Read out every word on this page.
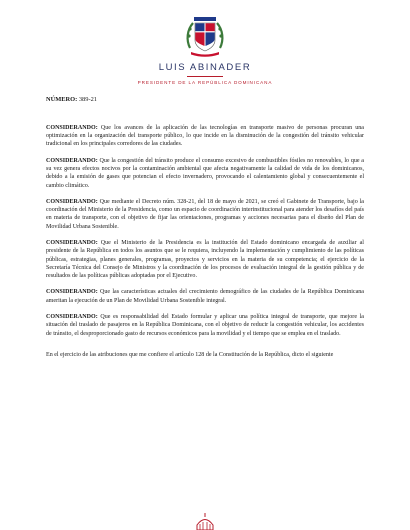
LUIS ABINADER
PRESIDENTE DE LA REPÚBLICA DOMINICANA
NÚMERO: 389-21

CONSIDERANDO: Que los avances de la aplicación de las tecnologías en transporte masivo de personas procuran una optimización en la organización del transporte público, lo que incide en la disminución de la congestión del tránsito vehicular tradicional en los principales corredores de las ciudades.

CONSIDERANDO: Que la congestión del tránsito produce el consumo excesivo de combustibles fósiles no renovables, lo que a su vez genera efectos nocivos por la contaminación ambiental que afecta negativamente la calidad de vida de los dominicanos, debido a la emisión de gases que potencian el efecto invernadero, provocando el calentamiento global y consecuentemente el cambio climático.

CONSIDERANDO: Que mediante el Decreto núm. 328-21, del 18 de mayo de 2021, se creó el Gabinete de Transporte, bajo la coordinación del Ministerio de la Presidencia, como un espacio de coordinación interinstitucional para atender los desafíos del país en materia de transporte, con el objetivo de fijar las orientaciones, programas y acciones necesarias para el diseño del Plan de Movilidad Urbana Sostenible.

CONSIDERANDO: Que el Ministerio de la Presidencia es la institución del Estado dominicano encargada de auxiliar al presidente de la República en todos los asuntos que se le requiera, incluyendo la implementación y cumplimiento de las políticas públicas, estrategias, planes generales, programas, proyectos y servicios en la materia de su competencia; el ejercicio de la Secretaría Técnica del Consejo de Ministros y la coordinación de los procesos de evaluación integral de la gestión pública y de resultados de las políticas públicas adoptadas por el Ejecutivo.

CONSIDERANDO: Que las características actuales del crecimiento demográfico de las ciudades de la República Dominicana ameritan la ejecución de un Plan de Movilidad Urbana Sostenible integral.

CONSIDERANDO: Que es responsabilidad del Estado formular y aplicar una política integral de transporte, que mejore la situación del traslado de pasajeros en la República Dominicana, con el objetivo de reducir la congestión vehicular, los accidentes de tránsito, el desproporcionado gasto de recursos económicos para la movilidad y el tiempo que se emplea en el traslado.

En el ejercicio de las atribuciones que me confiere el artículo 128 de la Constitución de la República, dicto el siguiente
